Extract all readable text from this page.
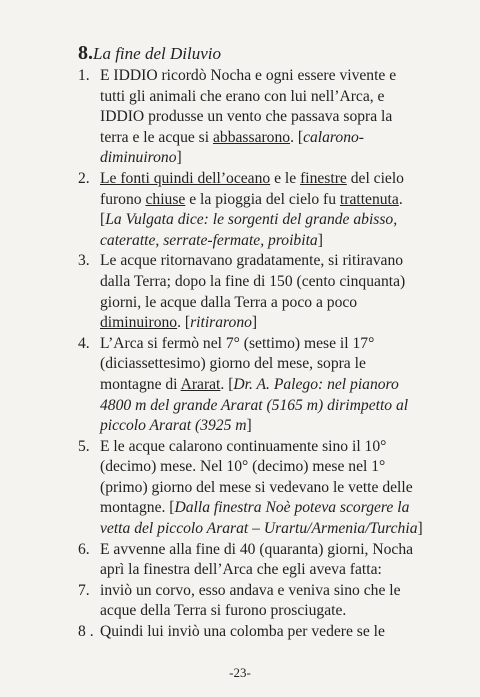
8.La fine del Diluvio
1. E IDDIO ricordò Nocha e ogni essere vivente e tutti gli animali che erano con lui nell’Arca, e IDDIO produsse un vento che passava sopra la terra e le acque si abbassarono. [calarono-diminuirono]
2. Le fonti quindi dell’oceano e le finestre del cielo furono chiuse e la pioggia del cielo fu trattenuta. [La Vulgata dice: le sorgenti del grande abisso, cateratte, serrate-fermate, proibita]
3. Le acque ritornavano gradatamente, si ritiravano dalla Terra; dopo la fine di 150 (cento cinquanta) giorni, le acque dalla Terra a poco a poco diminuirono. [ritirarono]
4. L’Arca si fermò nel 7° (settimo) mese il 17° (diciassettesimo) giorno del mese, sopra le montagne di Ararat. [Dr. A. Palego: nel pianoro 4800 m del grande Ararat (5165 m) dirimpetto al piccolo Ararat (3925 m]
5. E le acque calarono continuamente sino il 10° (decimo) mese. Nel 10° (decimo) mese nel 1° (primo) giorno del mese si vedevano le vette delle montagne. [Dalla finestra Noè poteva scorgere la vetta del piccolo Ararat – Urartu/Armenia/Turchia]
6. E avvenne alla fine di 40 (quaranta) giorni, Nocha aprì la finestra dell’Arca che egli aveva fatta:
7. inviò un corvo, esso andava e veniva sino che le acque della Terra si furono prosciugate.
8 . Quindi lui inviò una colomba per vedere se le
-23-
